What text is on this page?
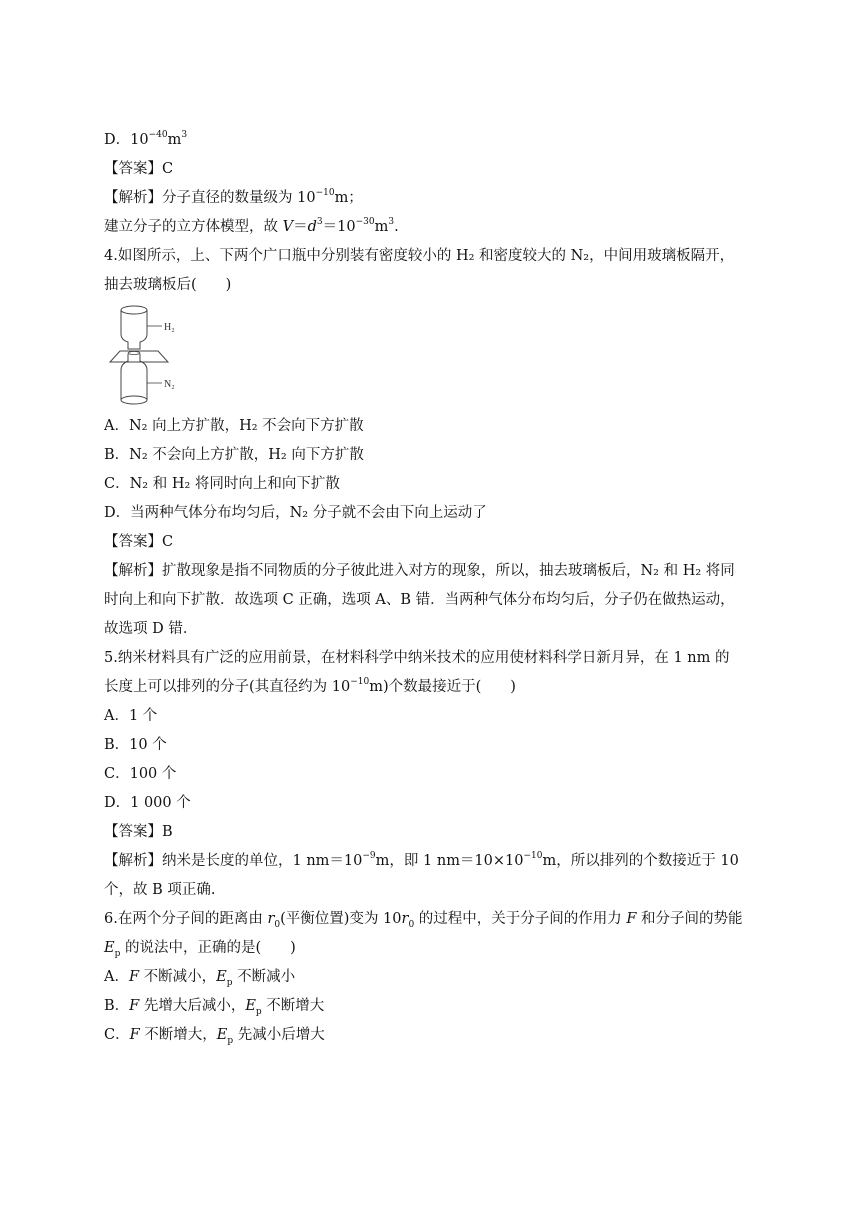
D．$10^{-40}m^3$
【答案】C
【解析】分子直径的数量级为 $10^{-10}m$；
建立分子的立方体模型，故 $V=d^3=10^{-30}m^3$.
4.如图所示，上、下两个广口瓶中分别装有密度较小的 H₂ 和密度较大的 N₂，中间用玻璃板隔开，
抽去玻璃板后(　　)
H₂
N₂
A．N₂ 向上方扩散，H₂ 不会向下方扩散
B．N₂ 不会向上方扩散，H₂ 向下方扩散
C．N₂ 和 H₂ 将同时向上和向下扩散
D．当两种气体分布均匀后，N₂ 分子就不会由下向上运动了
【答案】C
【解析】扩散现象是指不同物质的分子彼此进入对方的现象，所以，抽去玻璃板后，N₂ 和 H₂ 将同
时向上和向下扩散．故选项 C 正确，选项 A、B 错．当两种气体分布均匀后，分子仍在做热运动，
故选项 D 错．
5.纳米材料具有广泛的应用前景，在材料科学中纳米技术的应用使材料科学日新月异，在 1 nm 的
长度上可以排列的分子(其直径约为 $10^{-10}m$)个数最接近于(　　)
A．1 个
B．10 个
C．100 个
D．1 000 个
【答案】B
【解析】纳米是长度的单位，1 $nm=10^{-9}m$，即 1 $nm=10\times 10^{-10}m$，所以排列的个数接近于 10
个，故 B 项正确.
6.在两个分子间的距离由 $r_0$(平衡位置)变为 $10r_0$ 的过程中，关于分子间的作用力 F 和分子间的势能
$E_p$ 的说法中，正确的是(　　)
A．F 不断减小，$E_p$ 不断减小
B．F 先增大后减小，$E_p$ 不断增大
C．F 不断增大，$E_p$ 先减小后增大
